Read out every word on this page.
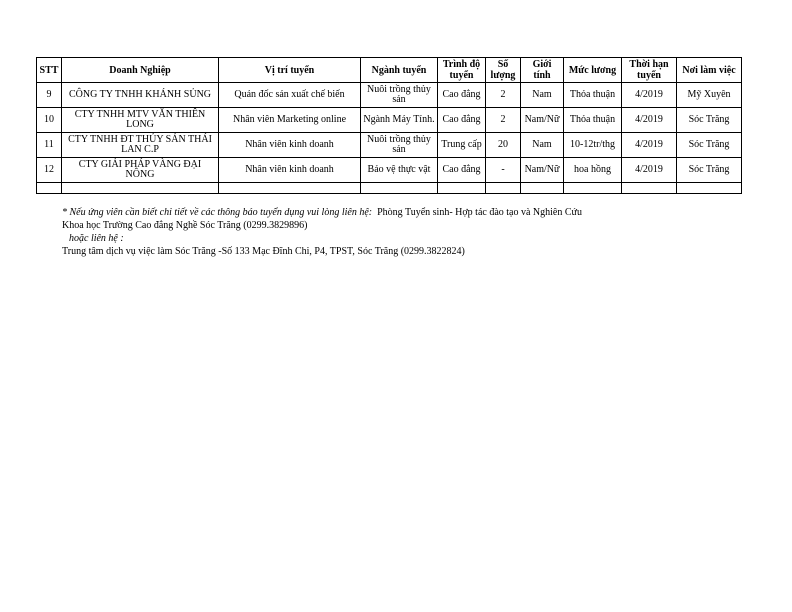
STT	Doanh Nghiệp	Vị trí tuyển	Ngành tuyển	Trình độ tuyển	Số lượng	Giới tính	Mức lương	Thời hạn tuyển	Nơi làm việc
9	CÔNG TY TNHH KHÁNH SỦNG	Quản đốc sản xuất chế biến	Nuôi trồng thủy sản	Cao đẳng	2	Nam	Thỏa thuận	4/2019	Mỹ Xuyên
10	CTY TNHH MTV VĂN THIÊN LONG	Nhân viên Marketing online	Ngành Máy Tính.	Cao đẳng	2	Nam/Nữ	Thỏa thuận	4/2019	Sóc Trăng
11	CTY TNHH ĐT THỦY SẢN THÁI LAN C.P	Nhân viên kinh doanh	Nuôi trồng thủy sản	Trung cấp	20	Nam	10-12tr/thg	4/2019	Sóc Trăng
12	CTY GIẢI PHÁP VÀNG ĐẠI NÔNG	Nhân viên kinh doanh	Bảo vệ thực vật	Cao đẳng	-	Nam/Nữ	hoa hồng	4/2019	Sóc Trăng

* Nếu ứng viên cần biết chi tiết về các thông báo tuyển dụng vui lòng liên hệ: Phòng Tuyển sinh- Hợp tác đào tạo và Nghiên Cứu
Khoa học Trường Cao đẳng Nghề Sóc Trăng (0299.3829896)
hoặc liên hệ :
Trung tâm dịch vụ việc làm Sóc Trăng -Số 133 Mạc Đĩnh Chi, P4, TPST, Sóc Trăng (0299.3822824)
